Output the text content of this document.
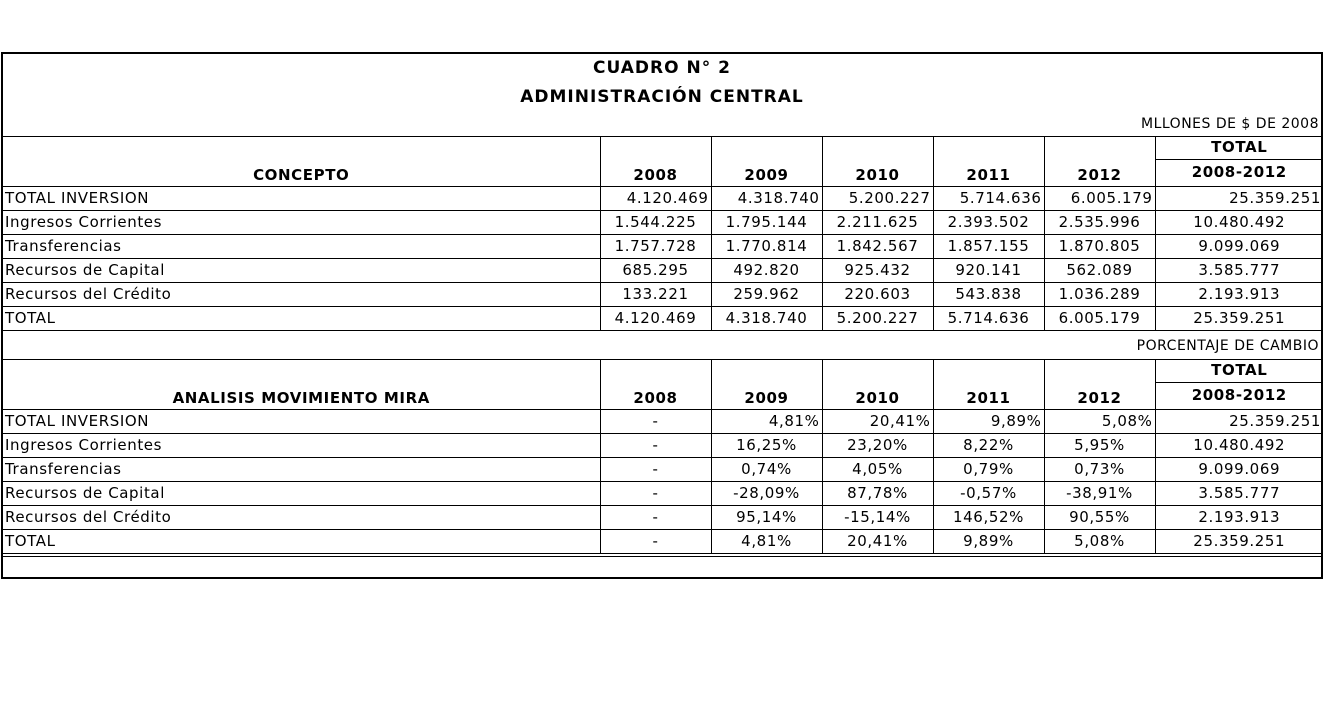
CUADRO N° 2
ADMINISTRACIÓN CENTRAL
MLLONES DE $ DE 2008
CONCEPTO	2008	2009	2010	2011	2012	TOTAL
2008-2012

TOTAL INVERSION	4.120.469	4.318.740	5.200.227	5.714.636	6.005.179	25.359.251
Ingresos Corrientes	1.544.225	1.795.144	2.211.625	2.393.502	2.535.996	10.480.492
Transferencias	1.757.728	1.770.814	1.842.567	1.857.155	1.870.805	9.099.069
Recursos de Capital	685.295	492.820	925.432	920.141	562.089	3.585.777
Recursos del Crédito	133.221	259.962	220.603	543.838	1.036.289	2.193.913
TOTAL	4.120.469	4.318.740	5.200.227	5.714.636	6.005.179	25.359.251
PORCENTAJE DE CAMBIO
ANALISIS MOVIMIENTO MIRA	2008	2009	2010	2011	2012	TOTAL
2008-2012

TOTAL INVERSION	-	4,81%	20,41%	9,89%	5,08%	25.359.251
Ingresos Corrientes	-	16,25%	23,20%	8,22%	5,95%	10.480.492
Transferencias	-	0,74%	4,05%	0,79%	0,73%	9.099.069
Recursos de Capital	-	-28,09%	87,78%	-0,57%	-38,91%	3.585.777
Recursos del Crédito	-	95,14%	-15,14%	146,52%	90,55%	2.193.913
TOTAL	-	4,81%	20,41%	9,89%	5,08%	25.359.251
